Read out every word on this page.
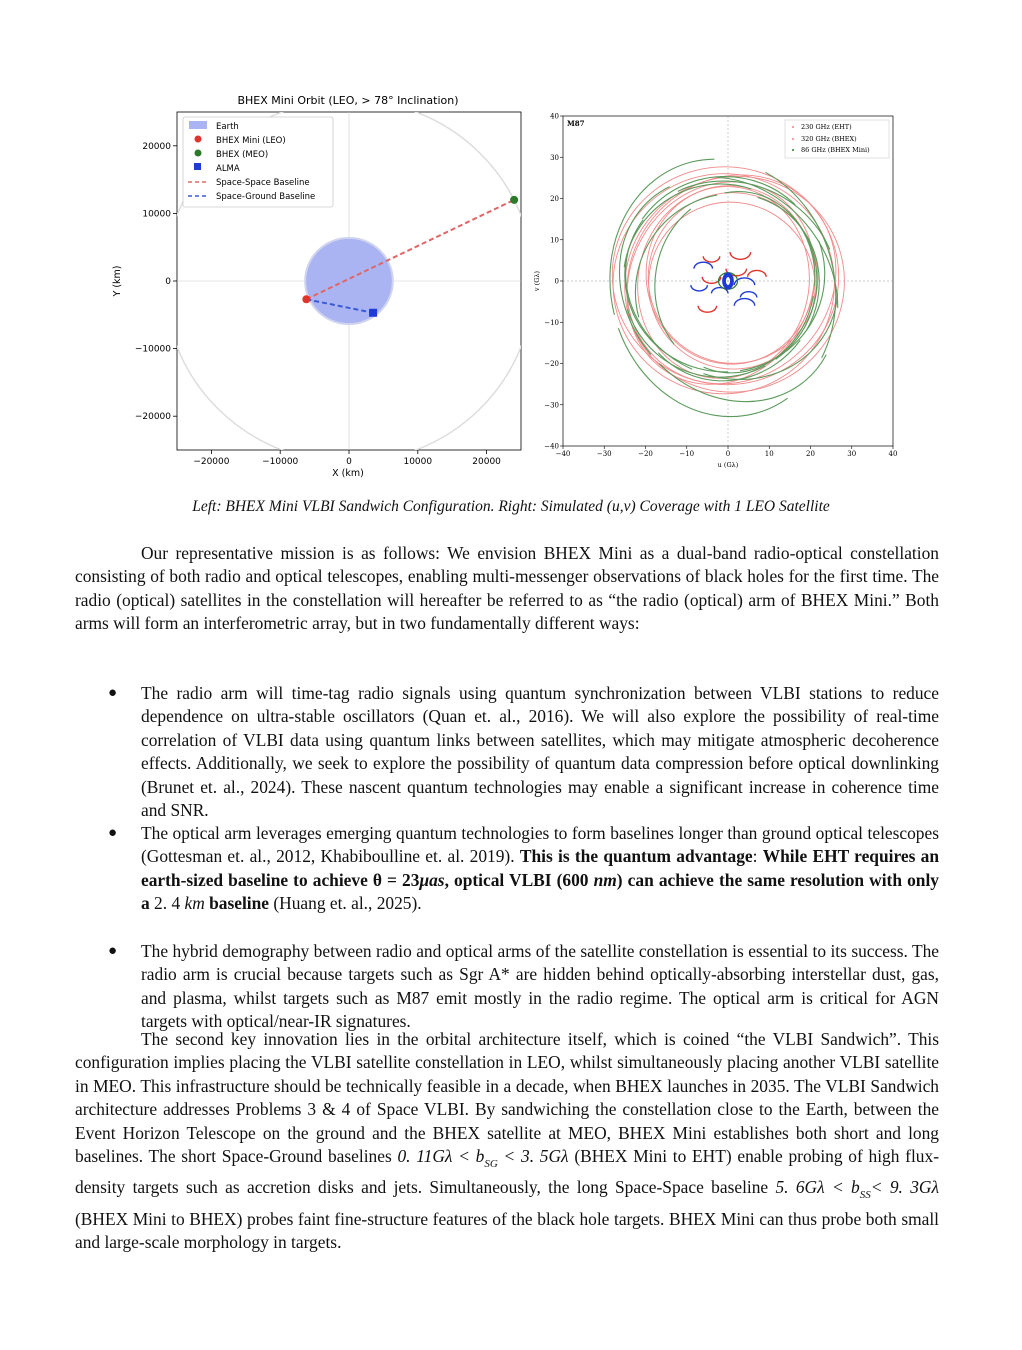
BHEX Mini Orbit (LEO, > 78° Inclination)
−20000	−10000	0	10000	20000
20000
10000
0
−10000
−20000
X (km)
Y (km)
Earth
BHEX Mini (LEO)
BHEX (MEO)
ALMA
Space-Space Baseline
Space-Ground Baseline
−40	−30	−20	−10	0	10	20	30	40
40
30
20
10
0
−10
−20
−30
−40
M87
u (Gλ)
v (Gλ)
230 GHz (EHT)
320 GHz (BHEX)
86 GHz (BHEX Mini)
Left: BHEX Mini VLBI Sandwich Configuration. Right: Simulated (u,v) Coverage with 1 LEO Satellite
Our representative mission is as follows: We envision BHEX Mini as a dual-band radio-optical constellation consisting of both radio and optical telescopes, enabling multi-messenger observations of black holes for the first time. The radio (optical) satellites in the constellation will hereafter be referred to as “the radio (optical) arm of BHEX Mini.” Both arms will form an interferometric array, but in two fundamentally different ways:
● The radio arm will time-tag radio signals using quantum synchronization between VLBI stations to reduce dependence on ultra-stable oscillators (Quan et. al., 2016). We will also explore the possibility of real-time correlation of VLBI data using quantum links between satellites, which may mitigate atmospheric decoherence effects. Additionally, we seek to explore the possibility of quantum data compression before optical downlinking (Brunet et. al., 2024). These nascent quantum technologies may enable a significant increase in coherence time and SNR.
● The optical arm leverages emerging quantum technologies to form baselines longer than ground optical telescopes (Gottesman et. al., 2012, Khabiboulline et. al. 2019). This is the quantum advantage: While EHT requires an earth-sized baseline to achieve θ = 23μas, optical VLBI (600 nm) can achieve the same resolution with only a 2. 4 km baseline (Huang et. al., 2025).
● The hybrid demography between radio and optical arms of the satellite constellation is essential to its success. The radio arm is crucial because targets such as Sgr A* are hidden behind optically-absorbing interstellar dust, gas, and plasma, whilst targets such as M87 emit mostly in the radio regime. The optical arm is critical for AGN targets with optical/near-IR signatures.
The second key innovation lies in the orbital architecture itself, which is coined “the VLBI Sandwich”. This configuration implies placing the VLBI satellite constellation in LEO, whilst simultaneously placing another VLBI satellite in MEO. This infrastructure should be technically feasible in a decade, when BHEX launches in 2035. The VLBI Sandwich architecture addresses Problems 3 & 4 of Space VLBI. By sandwiching the constellation close to the Earth, between the Event Horizon Telescope on the ground and the BHEX satellite at MEO, BHEX Mini establishes both short and long baselines. The short Space-Ground baselines 0. $11G\lambda < b_{SG} < 3$. 5Gλ (BHEX Mini to EHT) enable probing of high flux-density targets such as accretion disks and jets. Simultaneously, the long Space-Space baseline 5. $6G\lambda < b_{SS}< 9$. 3Gλ (BHEX Mini to BHEX) probes faint fine-structure features of the black hole targets. BHEX Mini can thus probe both small and large-scale morphology in targets.
